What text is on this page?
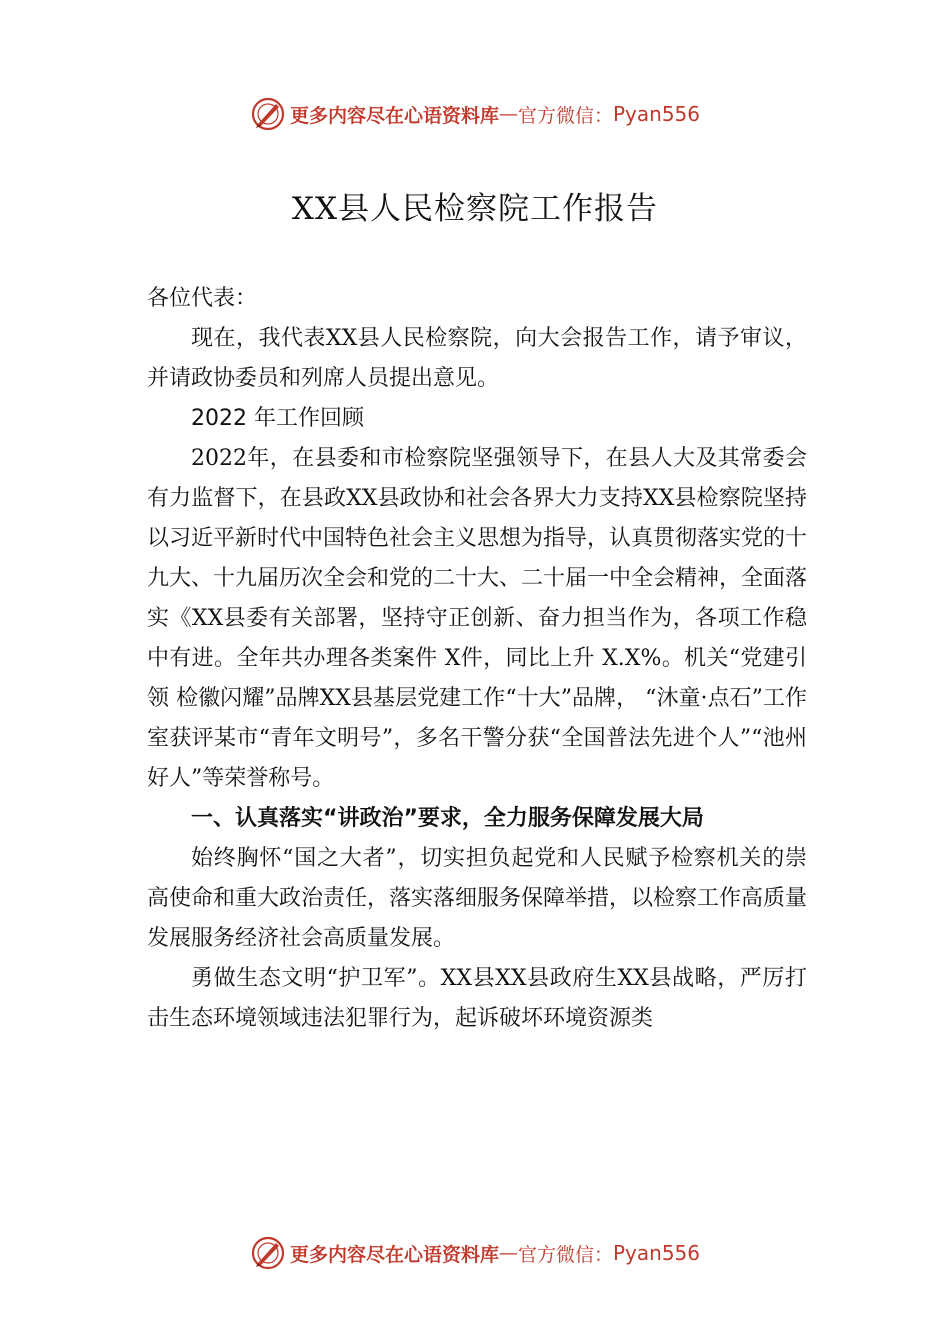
更多内容尽在心语资料库 — 官方微信： Pyan556
XX县人民检察院工作报告

各位代表：

现在，我代表XX县人民检察院，向大会报告工作，请予审议，并请政协委员和列席人员提出意见。

2022 年工作回顾

2022年，在县委和市检察院坚强领导下，在县人大及其常委会有力监督下，在县政XX县政协和社会各界大力支持XX县检察院坚持以习近平新时代中国特色社会主义思想为指导，认真贯彻落实党的十九大、十九届历次全会和党的二十大、二十届一中全会精神，全面落实《XX县委有关部署，坚持守正创新、奋力担当作为，各项工作稳中有进。全年共办理各类案件 X件，同比上升 X.X%。机关“党建引领 检徽闪耀”品牌XX县基层党建工作“十大”品牌， “沐童·点石”工作室获评某市“青年文明号”，多名干警分获“全国普法先进个人”“池州好人”等荣誉称号。

一、认真落实“讲政治”要求，全力服务保障发展大局

始终胸怀“国之大者”，切实担负起党和人民赋予检察机关的崇高使命和重大政治责任，落实落细服务保障举措，以检察工作高质量发展服务经济社会高质量发展。

勇做生态文明“护卫军”。XX县XX县政府生XX县战略，严厉打击生态环境领域违法犯罪行为，起诉破坏环境资源类

更多内容尽在心语资料库 — 官方微信： Pyan556
